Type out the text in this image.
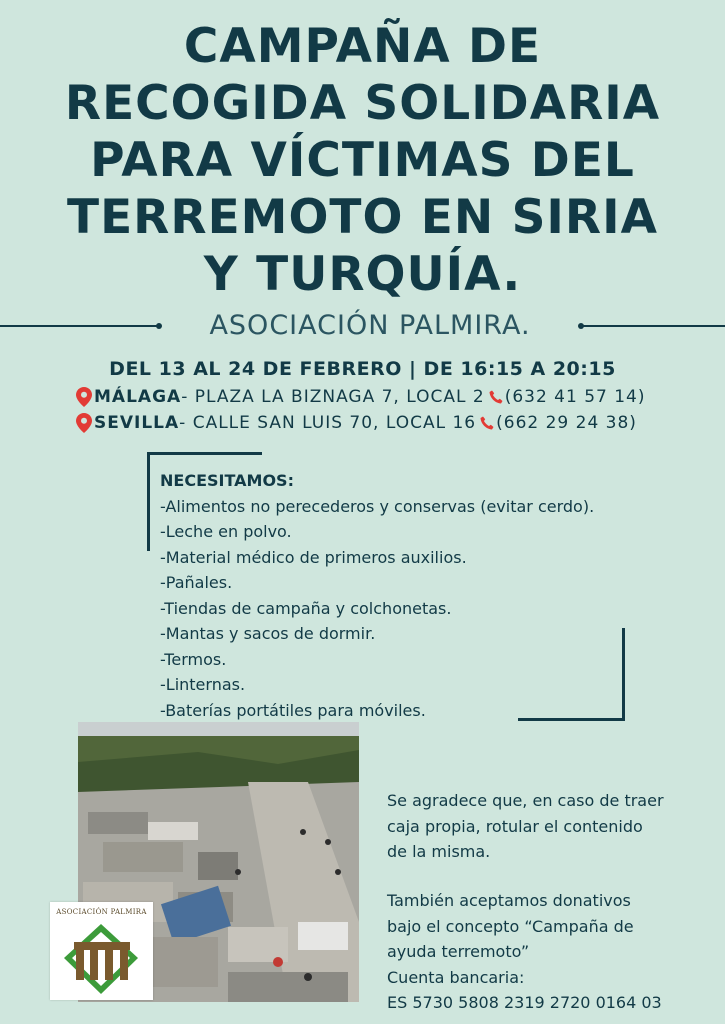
CAMPAÑA DE
RECOGIDA SOLIDARIA
PARA VÍCTIMAS DEL
TERREMOTO EN SIRIA
Y TURQUÍA.
ASOCIACIÓN PALMIRA.
DEL 13 AL 24 DE FEBRERO | DE 16:15 A 20:15
MÁLAGA - PLAZA LA BIZNAGA 7, LOCAL 2 (632 41 57 14)
SEVILLA - CALLE SAN LUIS 70, LOCAL 16 (662 29 24 38)
NECESITAMOS:
-Alimentos no perecederos y conservas (evitar cerdo).
-Leche en polvo.
-Material médico de primeros auxilios.
-Pañales.
-Tiendas de campaña y colchonetas.
-Mantas y sacos de dormir.
-Termos.
-Linternas.
-Baterías portátiles para móviles.
ASOCIACIÓN PALMIRA
Se agradece que, en caso de traer
caja propia, rotular el contenido
de la misma.
También aceptamos donativos
bajo el concepto “Campaña de
ayuda terremoto”
Cuenta bancaria:
ES 5730 5808 2319 2720 0164 03
